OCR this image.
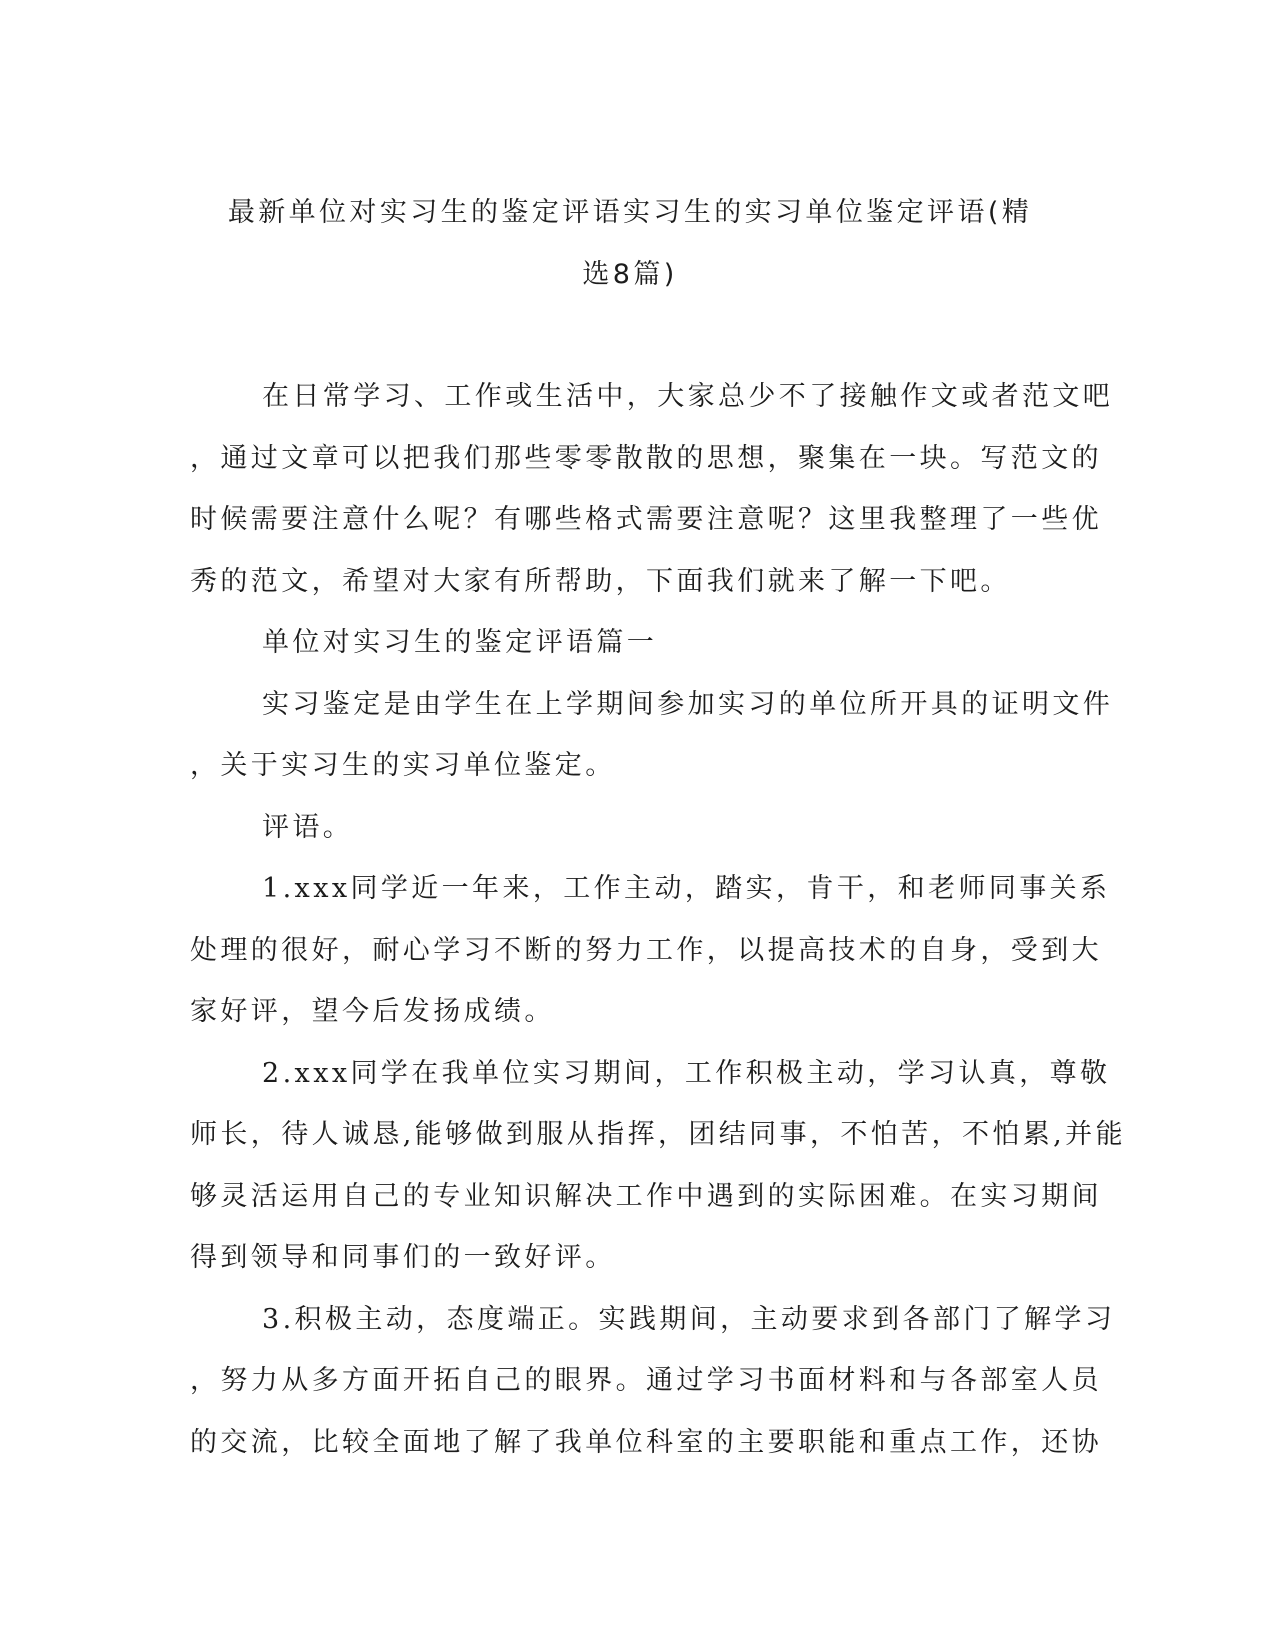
最新单位对实习生的鉴定评语实习生的实习单位鉴定评语(精
选8篇)
在日常学习、工作或生活中，大家总少不了接触作文或者范文吧
，通过文章可以把我们那些零零散散的思想，聚集在一块。写范文的
时候需要注意什么呢？有哪些格式需要注意呢？这里我整理了一些优
秀的范文，希望对大家有所帮助，下面我们就来了解一下吧。
单位对实习生的鉴定评语篇一
实习鉴定是由学生在上学期间参加实习的单位所开具的证明文件
，关于实习生的实习单位鉴定。
评语。
1.xxx同学近一年来，工作主动，踏实，肯干，和老师同事关系
处理的很好，耐心学习不断的努力工作，以提高技术的自身，受到大
家好评，望今后发扬成绩。
2.xxx同学在我单位实习期间，工作积极主动，学习认真，尊敬
师长，待人诚恳,能够做到服从指挥，团结同事，不怕苦，不怕累,并能
够灵活运用自己的专业知识解决工作中遇到的实际困难。在实习期间
得到领导和同事们的一致好评。
3.积极主动，态度端正。实践期间，主动要求到各部门了解学习
，努力从多方面开拓自己的眼界。通过学习书面材料和与各部室人员
的交流，比较全面地了解了我单位科室的主要职能和重点工作，还协
